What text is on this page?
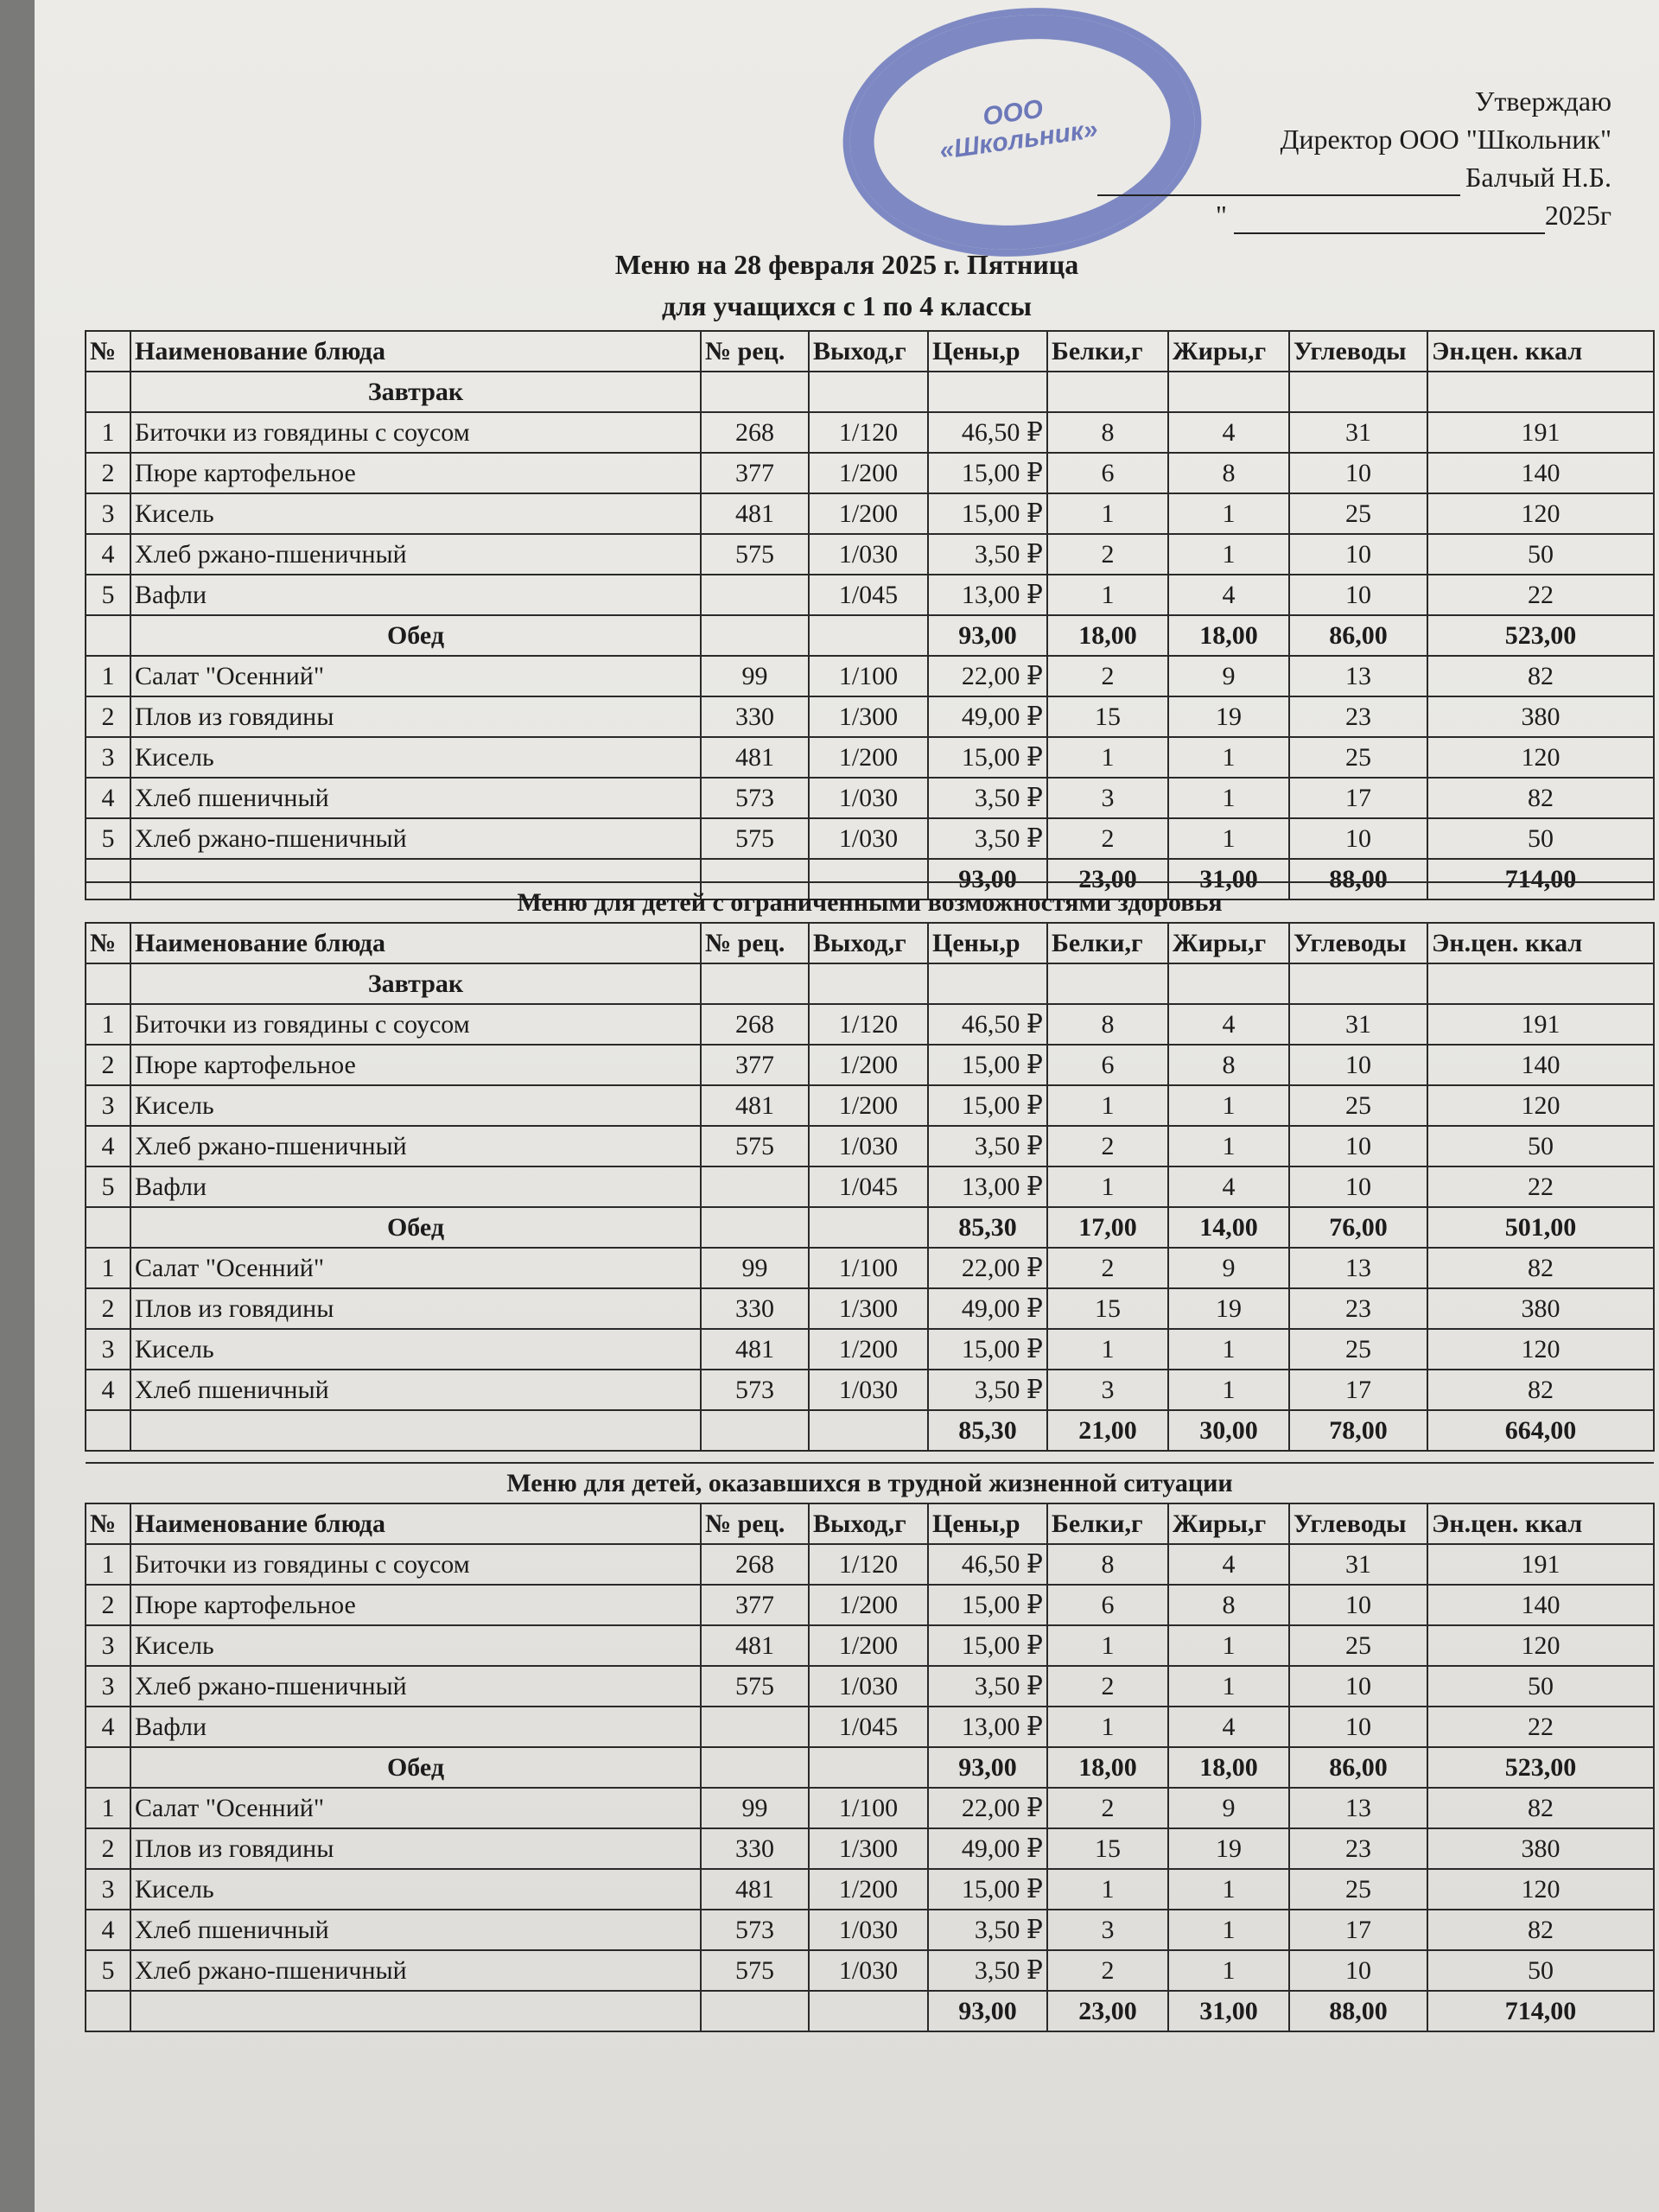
ООО «Школьник»
Утверждаю
Директор ООО "Школьник"
Балчый Н.Б.
"	2025г
Меню на 28 февраля 2025 г. Пятница
для учащихся с 1 по 4 классы
№	Наименование блюда	№ рец.	Выход,г	Цены,р	Белки,г	Жиры,г	Углеводы	Эн.цен. ккал
	Завтрак							
1	Биточки из говядины с соусом	268	1/120	46,50 ₽	8	4	31	191
2	Пюре картофельное	377	1/200	15,00 ₽	6	8	10	140
3	Кисель	481	1/200	15,00 ₽	1	1	25	120
4	Хлеб ржано-пшеничный	575	1/030	3,50 ₽	2	1	10	50
5	Вафли		1/045	13,00 ₽	1	4	10	22
	Обед			93,00	18,00	18,00	86,00	523,00
1	Салат "Осенний"	99	1/100	22,00 ₽	2	9	13	82
2	Плов из говядины	330	1/300	49,00 ₽	15	19	23	380
3	Кисель	481	1/200	15,00 ₽	1	1	25	120
4	Хлеб пшеничный	573	1/030	3,50 ₽	3	1	17	82
5	Хлеб ржано-пшеничный	575	1/030	3,50 ₽	2	1	10	50
				93,00	23,00	31,00	88,00	714,00
Меню для детей с ограниченными возможностями здоровья								
№	Наименование блюда	№ рец.	Выход,г	Цены,р	Белки,г	Жиры,г	Углеводы	Эн.цен. ккал
	Завтрак							
1	Биточки из говядины с соусом	268	1/120	46,50 ₽	8	4	31	191
2	Пюре картофельное	377	1/200	15,00 ₽	6	8	10	140
3	Кисель	481	1/200	15,00 ₽	1	1	25	120
4	Хлеб ржано-пшеничный	575	1/030	3,50 ₽	2	1	10	50
5	Вафли		1/045	13,00 ₽	1	4	10	22
	Обед			85,30	17,00	14,00	76,00	501,00
1	Салат "Осенний"	99	1/100	22,00 ₽	2	9	13	82
2	Плов из говядины	330	1/300	49,00 ₽	15	19	23	380
3	Кисель	481	1/200	15,00 ₽	1	1	25	120
4	Хлеб пшеничный	573	1/030	3,50 ₽	3	1	17	82
				85,30	21,00	30,00	78,00	664,00
Меню для детей, оказавшихся в трудной жизненной ситуации								
№	Наименование блюда	№ рец.	Выход,г	Цены,р	Белки,г	Жиры,г	Углеводы	Эн.цен. ккал
1	Биточки из говядины с соусом	268	1/120	46,50 ₽	8	4	31	191
2	Пюре картофельное	377	1/200	15,00 ₽	6	8	10	140
3	Кисель	481	1/200	15,00 ₽	1	1	25	120
3	Хлеб ржано-пшеничный	575	1/030	3,50 ₽	2	1	10	50
4	Вафли		1/045	13,00 ₽	1	4	10	22
	Обед			93,00	18,00	18,00	86,00	523,00
1	Салат "Осенний"	99	1/100	22,00 ₽	2	9	13	82
2	Плов из говядины	330	1/300	49,00 ₽	15	19	23	380
3	Кисель	481	1/200	15,00 ₽	1	1	25	120
4	Хлеб пшеничный	573	1/030	3,50 ₽	3	1	17	82
5	Хлеб ржано-пшеничный	575	1/030	3,50 ₽	2	1	10	50
				93,00	23,00	31,00	88,00	714,00
